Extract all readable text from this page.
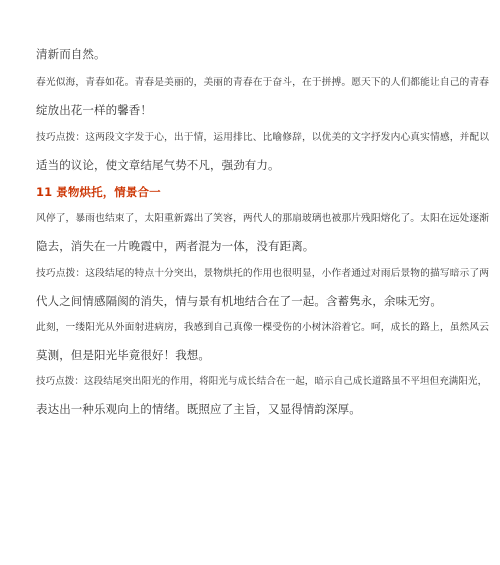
清新而自然。
春光似海，青春如花。青春是美丽的，美丽的青春在于奋斗，在于拼搏。愿天下的人们都能让自己的青春
绽放出花一样的馨香！
技巧点拨：这两段文字发于心，出于情，运用排比、比喻修辞，以优美的文字抒发内心真实情感，并配以
适当的议论，使文章结尾气势不凡，强劲有力。
11 景物烘托，情景合一
风停了，暴雨也结束了，太阳重新露出了笑容，两代人的那扇玻璃也被那片残阳熔化了。太阳在远处逐渐
隐去，消失在一片晚霞中，两者混为一体，没有距离。
技巧点拨：这段结尾的特点十分突出，景物烘托的作用也很明显，小作者通过对雨后景物的描写暗示了两
代人之间情感隔阂的消失，情与景有机地结合在了一起。含蓄隽永，余味无穷。
此刻，一缕阳光从外面射进病房，我感到自己真像一棵受伤的小树沐浴着它。呵，成长的路上，虽然风云
莫测，但是阳光毕竟很好！我想。
技巧点拨：这段结尾突出阳光的作用，将阳光与成长结合在一起，暗示自己成长道路虽不平坦但充满阳光，
表达出一种乐观向上的情绪。既照应了主旨，又显得情韵深厚。
